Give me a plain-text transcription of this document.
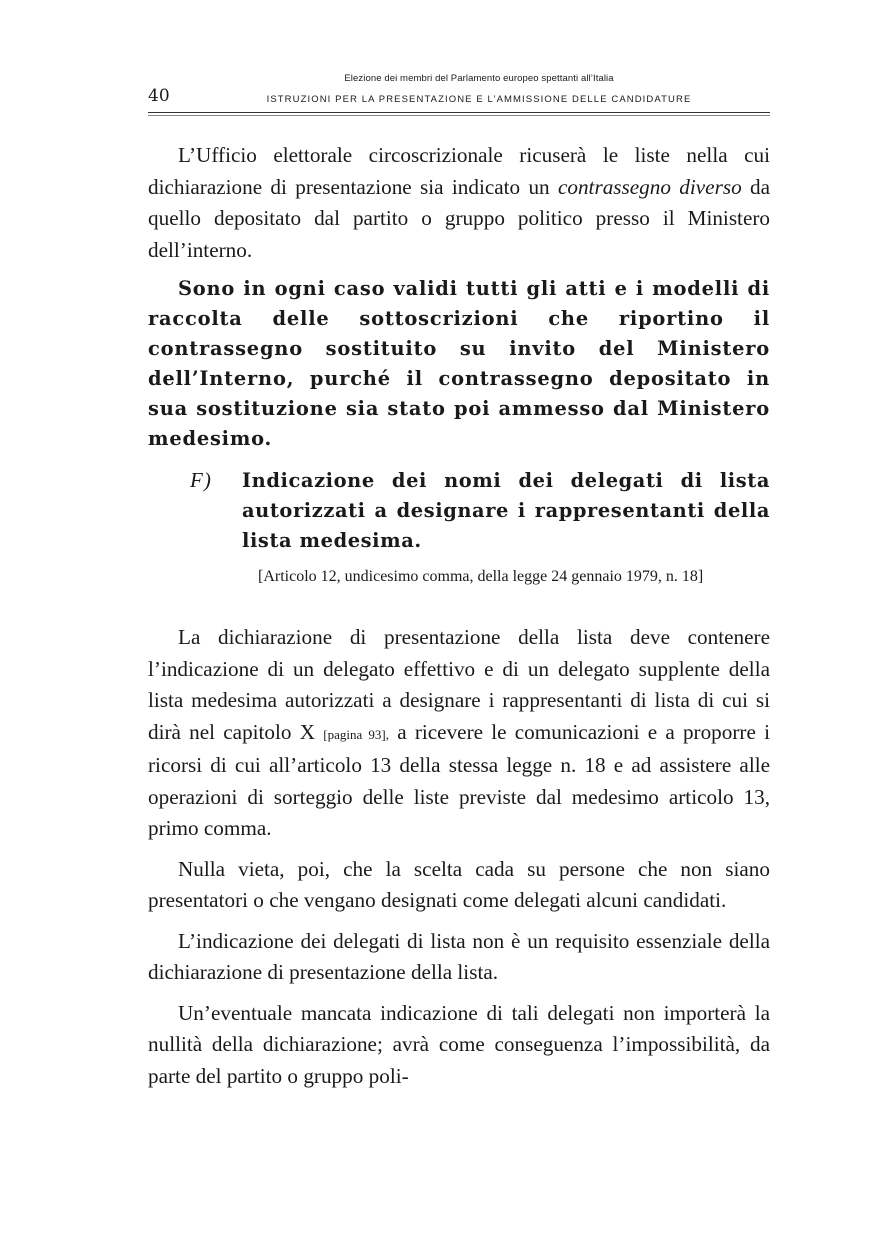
40
Elezione dei membri del Parlamento europeo spettanti all’Italia
ISTRUZIONI PER LA PRESENTAZIONE E L’AMMISSIONE DELLE CANDIDATURE

L’Ufficio elettorale circoscrizionale ricuserà le liste nella cui dichiarazione di presentazione sia indicato un contrassegno diverso da quello depositato dal partito o gruppo politico presso il Ministero dell’interno.

Sono in ogni caso validi tutti gli atti e i modelli di raccolta delle sottoscrizioni che riportino il contrassegno sostituito su invito del Ministero dell’Interno, purché il contrassegno depositato in sua sostituzione sia stato poi ammesso dal Ministero medesimo.

F) Indicazione dei nomi dei delegati di lista autorizzati a designare i rappresentanti della lista medesima.

[Articolo 12, undicesimo comma, della legge 24 gennaio 1979, n. 18]

La dichiarazione di presentazione della lista deve contenere l’indicazione di un delegato effettivo e di un delegato supplente della lista medesima autorizzati a designare i rappresentanti di lista di cui si dirà nel capitolo X [pagina 93], a ricevere le comunicazioni e a proporre i ricorsi di cui all’articolo 13 della stessa legge n. 18 e ad assistere alle operazioni di sorteggio delle liste previste dal medesimo articolo 13, primo comma.

Nulla vieta, poi, che la scelta cada su persone che non siano presentatori o che vengano designati come delegati alcuni candidati.

L’indicazione dei delegati di lista non è un requisito essenziale della dichiarazione di presentazione della lista.

Un’eventuale mancata indicazione di tali delegati non importerà la nullità della dichiarazione; avrà come conseguenza l’impossibilità, da parte del partito o gruppo poli-
